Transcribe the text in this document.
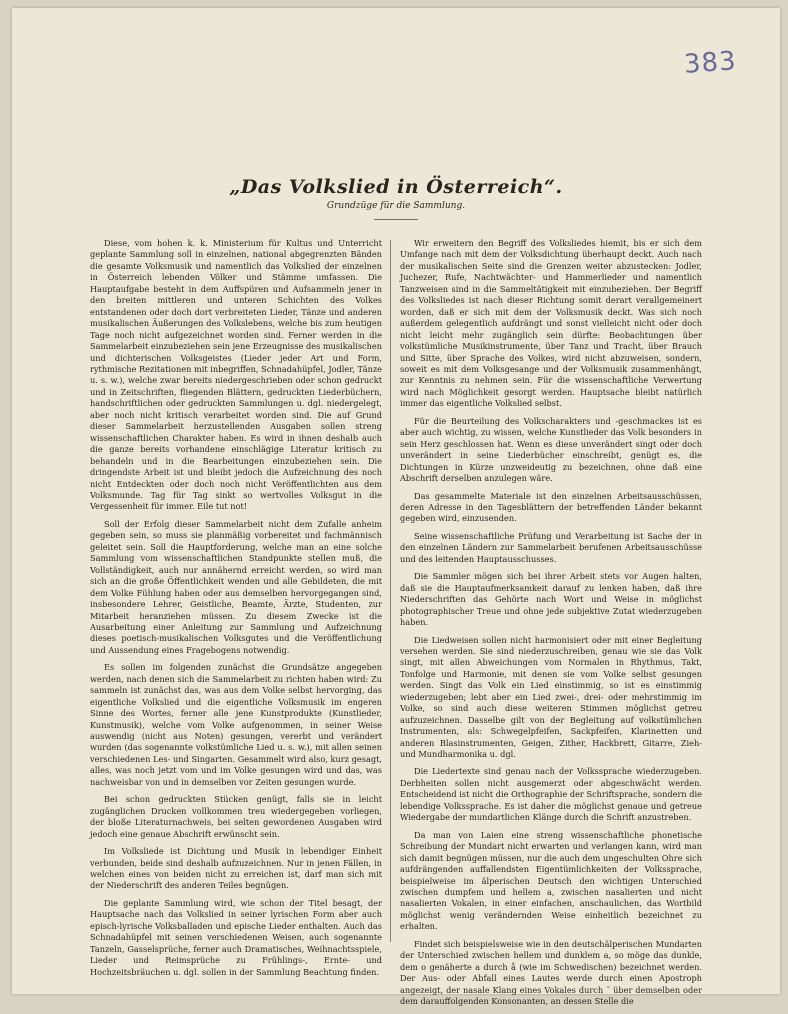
383
„Das Volkslied in Österreich“.
Grundzüge für die Sammlung.

Diese, vom hohen k. k. Ministerium für Kultus und Unterricht geplante Sammlung soll in einzelnen, national abgegrenzten Bänden die gesamte Volksmusik und namentlich das Volkslied der einzelnen in Österreich lebenden Völker und Stämme umfassen. Die Hauptaufgabe besteht in dem Auffspüren und Aufsammeln jener in den breiten mittleren und unteren Schichten des Volkes entstandenen oder doch dort verbreiteten Lieder, Tänze und anderen musikalischen Äußerungen des Volkslebens, welche bis zum heutigen Tage noch nicht aufgezeichnet worden sind. Ferner werden in die Sammelarbeit einzubeziehen sein jene Erzeugnisse des musikalischen und dichterischen Volksgeistes (Lieder jeder Art und Form, rythmische Rezitationen mit inbegriffen, Schnadahüpfel, Jodler, Tänze u. s. w.), welche zwar bereits niedergeschrieben oder schon gedruckt und in Zeitschriften, fliegenden Blättern, gedruckten Liederbüchern, handschriftlichen oder gedruckten Sammlungen u. dgl. niedergelegt, aber noch nicht kritisch verarbeitet worden sind. Die auf Grund dieser Sammelarbeit herzustellenden Ausgaben sollen streng wissenschaftlichen Charakter haben. Es wird in ihnen deshalb auch die ganze bereits vorhandene einschlägige Literatur kritisch zu behandeln und in die Bearbeitungen einzubeziehen sein. Die dringendste Arbeit ist und bleibt jedoch die Aufzeichnung des noch nicht Entdeckten oder doch noch nicht Veröffentlichten aus dem Volksmunde. Tag für Tag sinkt so wertvolles Volksgut in die Vergessenheit für immer. Eile tut not!

Soll der Erfolg dieser Sammelarbeit nicht dem Zufalle anheim gegeben sein, so muss sie planmäßig vorbereitet und fachmännisch geleitet sein. Soll die Hauptforderung, welche man an eine solche Sammlung vom wissenschaftlichen Standpunkte stellen muß, die Vollständigkeit, auch nur annähernd erreicht werden, so wird man sich an die große Öffentlichkeit wenden und alle Gebildeten, die mit dem Volke Fühlung haben oder aus demselben hervorgegangen sind, insbesondere Lehrer, Geistliche, Beamte, Ärzte, Studenten, zur Mitarbeit heranziehen müssen. Zu diesem Zwecke ist die Ausarbeitung einer Anleitung zur Sammlung und Aufzeichnung dieses poetisch-musikalischen Volksgutes und die Veröffentlichung und Aussendung eines Fragebogens notwendig.

Es sollen im folgenden zunächst die Grundsätze angegeben werden, nach denen sich die Sammelarbeit zu richten haben wird: Zu sammeln ist zunächst das, was aus dem Volke selbst hervorging, das eigentliche Volkslied und die eigentliche Volksmusik im engeren Sinne des Wortes, ferner alle jene Kunstprodukte (Kunstlieder, Kunstmusik), welche vom Volke aufgenommen, in seiner Weise auswendig (nicht aus Noten) gesungen, vererbt und verändert wurden (das sogenannte volkstümliche Lied u. s. w.), mit allen seinen verschiedenen Les- und Singarten. Gesammelt wird also, kurz gesagt, alles, was noch jetzt vom und im Volke gesungen wird und das, was nachweisbar von und in demselben vor Zeiten gesungen wurde.

Bei schon gedruckten Stücken genügt, falls sie in leicht zugänglichen Drucken vollkommen treu wiedergegeben vorliegen, der bloße Literaturnachweis, bei selten gewordenen Ausgaben wird jedoch eine genaue Abschrift erwünscht sein.

Im Volksliede ist Dichtung und Musik in lebendiger Einheit verbunden, beide sind deshalb aufzuzeichnen. Nur in jenen Fällen, in welchen eines von beiden nicht zu erreichen ist, darf man sich mit der Niederschrift des anderen Teiles begnügen.

Die geplante Sammlung wird, wie schon der Titel besagt, der Hauptsache nach das Volkslied in seiner lyrischen Form aber auch episch-lyrische Volksballaden und epische Lieder enthalten. Auch das Schnadahüpfel mit seinen verschiedenen Weisen, auch sogenannte Tanzeln, Gasselsprüche, ferner auch Dramatisches, Weihnachtsspiele, Lieder und Reimsprüche zu Frühlings-, Ernte- und Hochzeitsbräuchen u. dgl. sollen in der Sammlung Beachtung finden.

Wir erweitern den Begriff des Volksliedes hiemit, bis er sich dem Umfange nach mit dem der Volksdichtung überhaupt deckt. Auch nach der musikalischen Seite sind die Grenzen weiter abzustecken: Jodler, Juchezer, Rufe, Nachtwächter- und Hammerlieder und namentlich Tanzweisen sind in die Sammeltätigkeit mit einzubeziehen. Der Begriff des Volksliedes ist nach dieser Richtung somit derart verallgemeinert worden, daß er sich mit dem der Volksmusik deckt. Was sich noch außerdem gelegentlich aufdrängt und sonst vielleicht nicht oder doch nicht leicht mehr zugänglich sein dürfte: Beobachtungen über volkstümliche Musikinstrumente, über Tanz und Tracht, über Brauch und Sitte, über Sprache des Volkes, wird nicht abzuweisen, sondern, soweit es mit dem Volksgesange und der Volksmusik zusammenhängt, zur Kenntnis zu nehmen sein. Für die wissenschaftliche Verwertung wird nach Möglichkeit gesorgt werden. Hauptsache bleibt natürlich immer das eigentliche Volkslied selbst.

Für die Beurteilung des Volkscharakters und -geschmackes ist es aber auch wichtig, zu wissen, welche Kunstlieder das Volk besonders in sein Herz geschlossen hat. Wenn es diese unverändert singt oder doch unverändert in seine Liederbücher einschreibt, genügt es, die Dichtungen in Kürze unzweideutig zu bezeichnen, ohne daß eine Abschrift derselben anzulegen wäre.

Das gesammelte Materiale ist den einzelnen Arbeitsausschüssen, deren Adresse in den Tagesblättern der betreffenden Länder bekannt gegeben wird, einzusenden.

Seine wissenschaftliche Prüfung und Verarbeitung ist Sache der in den einzelnen Ländern zur Sammelarbeit berufenen Arbeitsausschüsse und des leitenden Hauptausschusses.

Die Sammler mögen sich bei ihrer Arbeit stets vor Augen halten, daß sie die Hauptaufmerksamkeit darauf zu lenken haben, daß ihre Niederschriften das Gehörte nach Wort und Weise in möglichst photographischer Treue und ohne jede subjektive Zutat wiederzugeben haben.

Die Liedweisen sollen nicht harmonisiert oder mit einer Begleitung versehen werden. Sie sind niederzuschreiben, genau wie sie das Volk singt, mit allen Abweichungen vom Normalen in Rhythmus, Takt, Tonfolge und Harmonie, mit denen sie vom Volke selbst gesungen werden. Singt das Volk ein Lied einstimmig, so ist es einstimmig wiederzugeben; lebt aber ein Lied zwei-, drei- oder mehrstimmig im Volke, so sind auch diese weiteren Stimmen möglichst getreu aufzuzeichnen. Dasselbe gilt von der Begleitung auf volkstümlichen Instrumenten, als: Schwegelpfeifen, Sackpfeifen, Klarinetten und anderen Blasinstrumenten, Geigen, Zither, Hackbrett, Gitarre, Zieh- und Mundharmonika u. dgl.

Die Liedertexte sind genau nach der Volkssprache wiederzugeben. Derbheiten sollen nicht ausgemerzt oder abgeschwächt werden. Entscheidend ist nicht die Orthographie der Schriftsprache, sondern die lebendige Volkssprache. Es ist daher die möglichst genaue und getreue Wiedergabe der mundartlichen Klänge durch die Schrift anzustreben.

Da man von Laien eine streng wissenschaftliche phonetische Schreibung der Mundart nicht erwarten und verlangen kann, wird man sich damit begnügen müssen, nur die auch dem ungeschulten Ohre sich aufdrängenden auffallendsten Eigentümlichkeiten der Volkssprache, beispielweise im älperischen Deutsch den wichtigen Unterschied zwischen dumpfem und hellem a, zwischen nasalierten und nicht nasalierten Vokalen, in einer einfachen, anschaulichen, das Wortbild möglichst wenig verändernden Weise einheitlich bezeichnet zu erhalten.

Findet sich beispielsweise wie in den deutschälperischen Mundarten der Unterschied zwischen hellem und dunklem a, so möge das dunkle, dem o genäherte a durch å (wie im Schwedischen) bezeichnet werden. Der Aus- oder Abfall eines Lautes werde durch einen Apostroph angezeigt, der nasale Klang eines Vokales durch ˜ über demselben oder dem darauffolgenden Konsonanten, an dessen Stelle die
